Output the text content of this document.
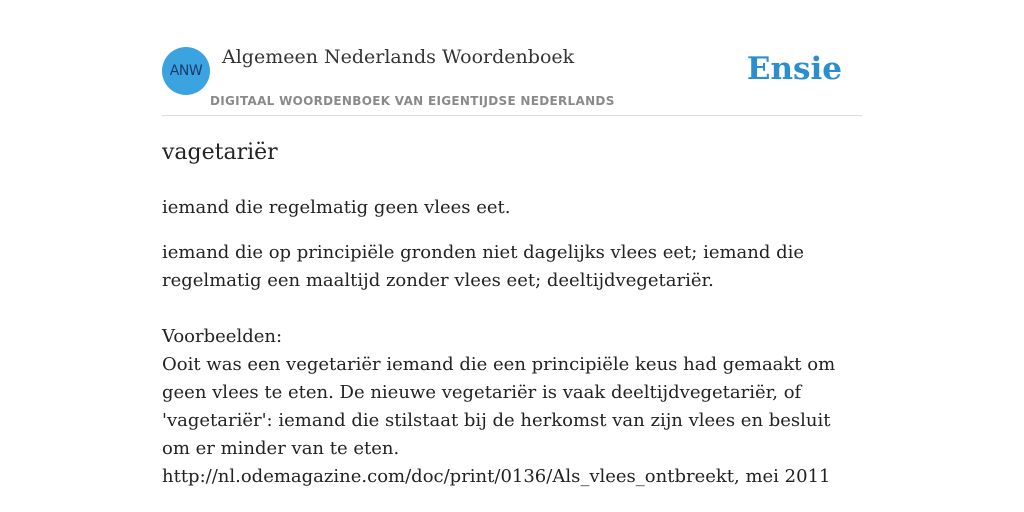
ANW
Algemeen Nederlands Woordenboek
DIGITAAL WOORDENBOEK VAN EIGENTIJDSE NEDERLANDS
Ensie
vagetariër
iemand die regelmatig geen vlees eet.
iemand die op principiële gronden niet dagelijks vlees eet; iemand die regelmatig een maaltijd zonder vlees eet; deeltijdvegetariër.
Voorbeelden:
Ooit was een vegetariër iemand die een principiële keus had gemaakt om geen vlees te eten. De nieuwe vegetariër is vaak deeltijdvegetariër, of 'vagetariër': iemand die stilstaat bij de herkomst van zijn vlees en besluit om er minder van te eten.
http://nl.odemagazine.com/doc/print/0136/Als_vlees_ontbreekt, mei 2011
